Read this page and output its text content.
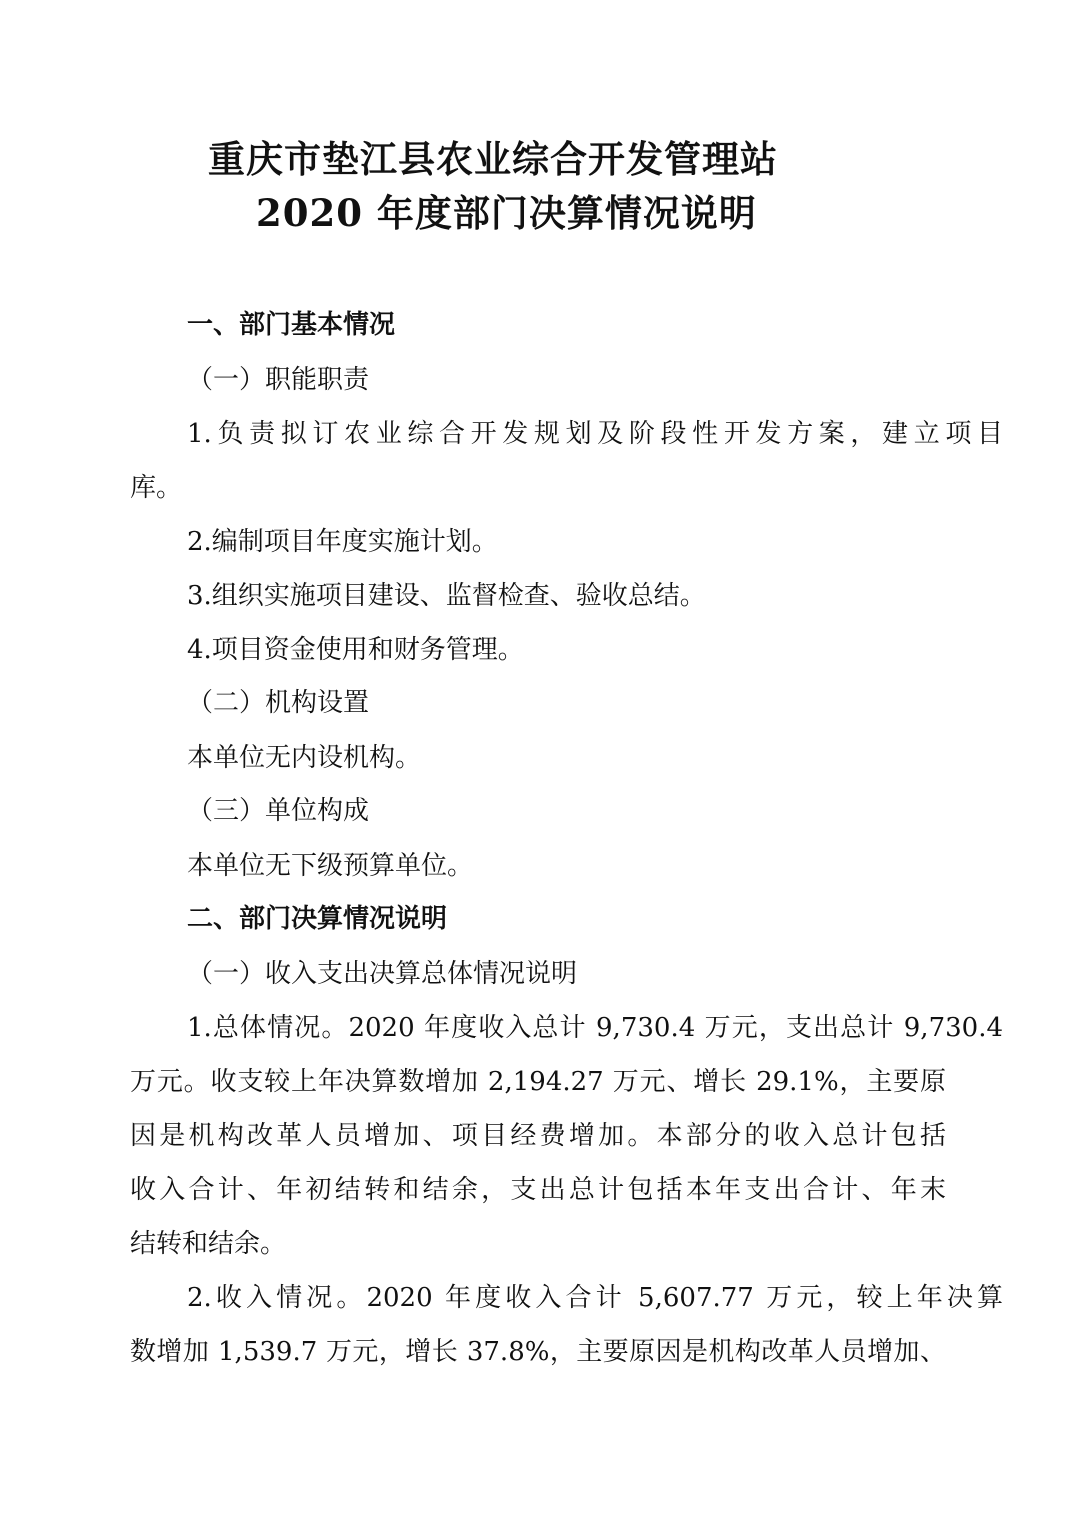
重庆市垫江县农业综合开发管理站
2020 年度部门决算情况说明
一、部门基本情况
（一）职能职责
1.负责拟订农业综合开发规划及阶段性开发方案，建立项目
库。
2.编制项目年度实施计划。
3.组织实施项目建设、监督检查、验收总结。
4.项目资金使用和财务管理。
（二）机构设置
本单位无内设机构。
（三）单位构成
本单位无下级预算单位。
二、部门决算情况说明
（一）收入支出决算总体情况说明
1.总体情况。2020 年度收入总计 9,730.4 万元，支出总计 9,730.4
万元。收支较上年决算数增加 2,194.27 万元、增长 29.1%，主要原
因是机构改革人员增加、项目经费增加。本部分的收入总计包括
收入合计、年初结转和结余，支出总计包括本年支出合计、年末
结转和结余。
2.收入情况。2020 年度收入合计 5,607.77 万元，较上年决算
数增加 1,539.7 万元，增长 37.8%，主要原因是机构改革人员增加、
